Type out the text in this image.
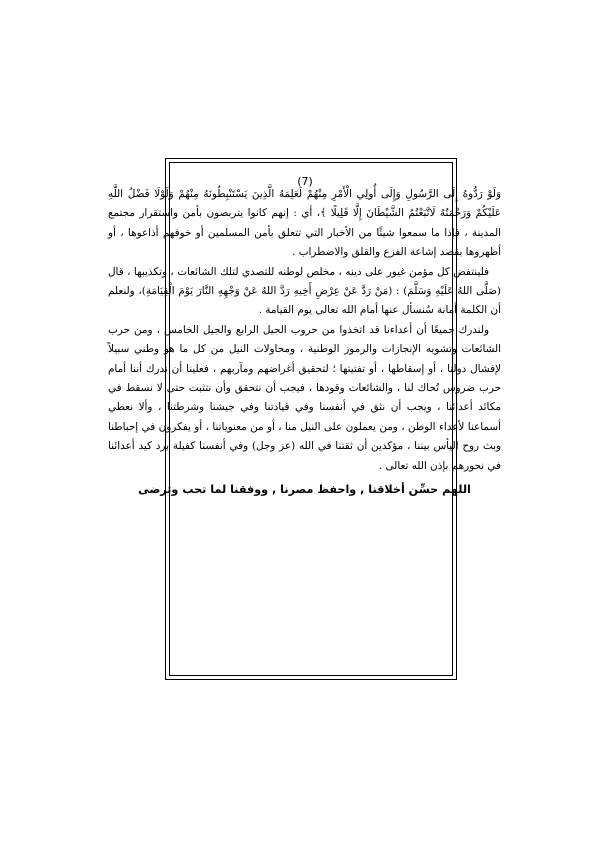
(7)

وَلَوْ رَدُّوهُ إِلَى الرَّسُولِ وَإِلَى أُولِي الْأَمْرِ مِنْهُمْ لَعَلِمَهُ الَّذِينَ يَسْتَنْبِطُونَهُ مِنْهُمْ وَلَوْلَا فَضْلُ اللَّهِ عَلَيْكُمْ وَرَحْمَتُهُ لَاتَّبَعْتُمُ الشَّيْطَانَ إِلَّا قَلِيلًا ﴾، أي : إنهم كانوا يتربصون بأمن واستقرار مجتمع المدينة ، فإذا ما سمعوا شيئًا من الأخبار التي تتعلق بأمن المسلمين أو خوفهم أذاعوها ، أو أظهروها بقصد إشاعة الفزع والقلق والاضطراب .

فلينتفض كل مؤمن غيور على دينه ، مخلص لوطنه للتصدي لتلك الشائعات ، وتكذيبها ، قال (صَلَّى اللهُ عَلَيْهِ وَسَلَّمَ) : (مَنْ رَدَّ عَنْ عِرْضِ أَخِيهِ رَدَّ اللهُ عَنْ وَجْهِهِ النَّارَ يَوْمَ الْقِيَامَةِ)، ولنعلم أن الكلمة أمانة سُنسأل عنها أمام الله تعالى يوم القيامة .

ولندرك جميعًا أن أعداءنا قد اتخذوا من حروب الجيل الرابع والجيل الخامس ، ومن حرب الشائعات وتشويه الإنجازات والرموز الوطنية ، ومحاولات النيل من كل ما هو وطني سبيلاً لإفشال دولنا ، أو إسقاطها ، أو تفتيتها ؛ لتحقيق أغراضهم ومآربهم ، فعلينا أن ندرك أننا أمام حرب ضروس تُحاك لنا ، والشائعات وقودها ، فيجب أن نتحقق وأن نتثبت حتى لا نسقط في مكائد أعدائنا ، ويجب أن نثق في أنفسنا وفي قيادتنا وفي جيشنا وشرطتنا ، وألا نعطي أسماعنا لأعداء الوطن ، ومن يعملون على النيل منا ، أو من معنوياتنا ، أو يفكرون في إحباطنا وبث روح اليأس بيننا ، مؤكدين أن ثقتنا في الله (عز وجل) وفي أنفسنا كفيلة برد كيد أعدائنا في نحورهم بإذن الله تعالى .

اللهم حسِّن أخلاقنا , واحفظ مصرنا , ووفقنا لما تحب وترضى
